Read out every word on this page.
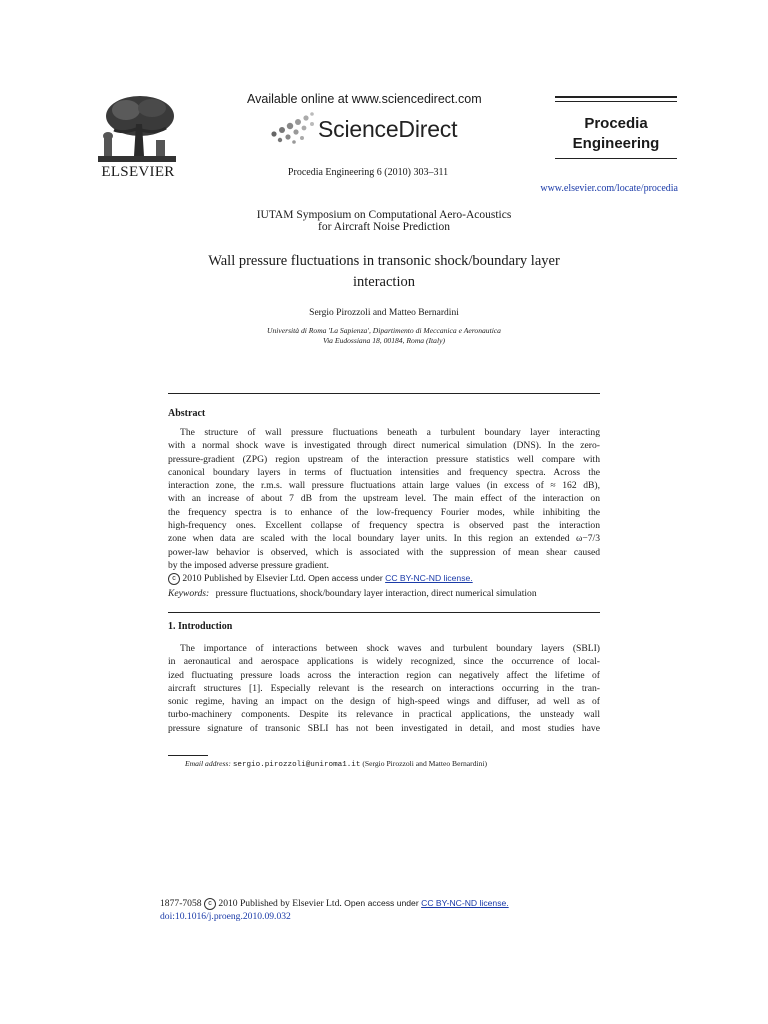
ELSEVIER
Available online at www.sciencedirect.com
ScienceDirect
Procedia Engineering 6 (2010) 303–311
Procedia
Engineering
www.elsevier.com/locate/procedia
IUTAM Symposium on Computational Aero-Acoustics
for Aircraft Noise Prediction
Wall pressure fluctuations in transonic shock/boundary layer
interaction
Sergio Pirozzoli and Matteo Bernardini
Università di Roma 'La Sapienza', Dipartimento di Meccanica e Aeronautica
Via Eudossiana 18, 00184, Roma (Italy)
Abstract
The structure of wall pressure fluctuations beneath a turbulent boundary layer interacting
with a normal shock wave is investigated through direct numerical simulation (DNS). In the zero-
pressure-gradient (ZPG) region upstream of the interaction pressure statistics well compare with
canonical boundary layers in terms of fluctuation intensities and frequency spectra. Across the
interaction zone, the r.m.s. wall pressure fluctuations attain large values (in excess of ≈ 162 dB),
with an increase of about 7 dB from the upstream level. The main effect of the interaction on
the frequency spectra is to enhance of the low-frequency Fourier modes, while inhibiting the
high-frequency ones. Excellent collapse of frequency spectra is observed past the interaction
zone when data are scaled with the local boundary layer units. In this region an extended ω−7/3
power-law behavior is observed, which is associated with the suppression of mean shear caused
by the imposed adverse pressure gradient.
c 2010 Published by Elsevier Ltd. Open access under CC BY-NC-ND license.
Keywords: pressure fluctuations, shock/boundary layer interaction, direct numerical simulation
1. Introduction
The importance of interactions between shock waves and turbulent boundary layers (SBLI)
in aeronautical and aerospace applications is widely recognized, since the occurrence of local-
ized fluctuating pressure loads across the interaction region can negatively affect the lifetime of
aircraft structures [1]. Especially relevant is the research on interactions occurring in the tran-
sonic regime, having an impact on the design of high-speed wings and diffuser, ad well as of
turbo-machinery components. Despite its relevance in practical applications, the unsteady wall
pressure signature of transonic SBLI has not been investigated in detail, and most studies have
Email address: sergio.pirozzoli@uniroma1.it (Sergio Pirozzoli and Matteo Bernardini)
1877-7058 c 2010 Published by Elsevier Ltd. Open access under CC BY-NC-ND license.
doi:10.1016/j.proeng.2010.09.032
